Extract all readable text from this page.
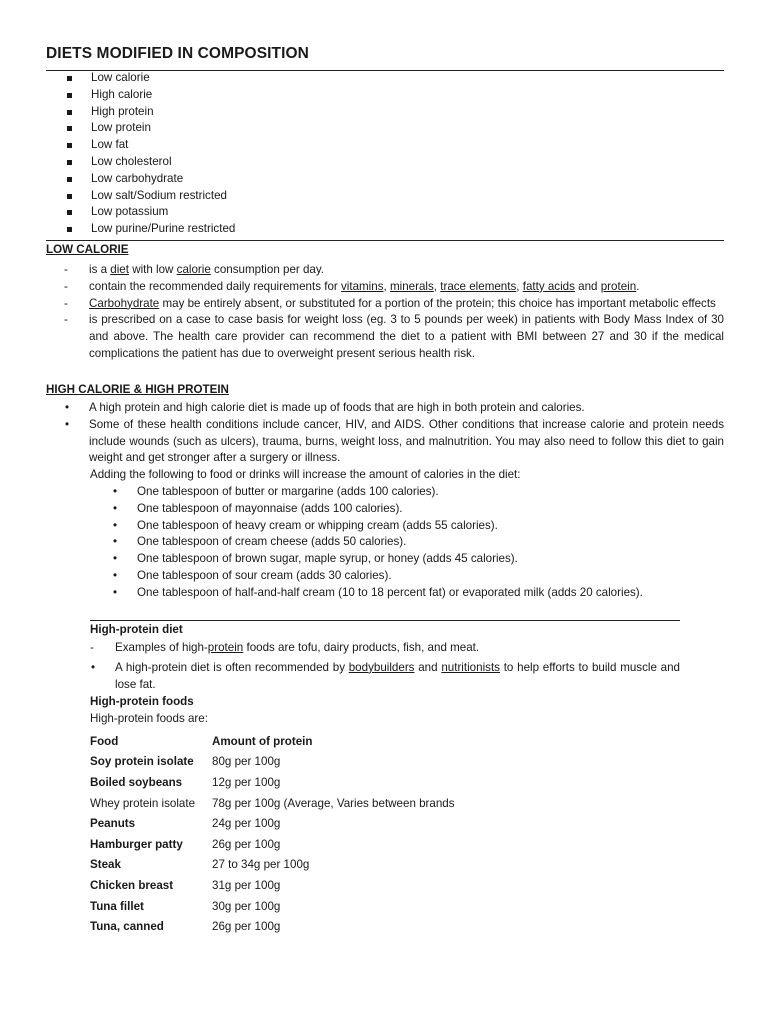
DIETS MODIFIED IN COMPOSITION
Low calorie
High calorie
High protein
Low protein
Low fat
Low cholesterol
Low carbohydrate
Low salt/Sodium restricted
Low potassium
Low purine/Purine restricted
LOW CALORIE
- is a diet with low calorie consumption per day.
- contain the recommended daily requirements for vitamins, minerals, trace elements, fatty acids and protein.
- Carbohydrate may be entirely absent, or substituted for a portion of the protein; this choice has important metabolic effects
- is prescribed on a case to case basis for weight loss (eg. 3 to 5 pounds per week) in patients with Body Mass Index of 30 and above. The health care provider can recommend the diet to a patient with BMI between 27 and 30 if the medical complications the patient has due to overweight present serious health risk.
HIGH CALORIE & HIGH PROTEIN
• A high protein and high calorie diet is made up of foods that are high in both protein and calories.
• Some of these health conditions include cancer, HIV, and AIDS. Other conditions that increase calorie and protein needs include wounds (such as ulcers), trauma, burns, weight loss, and malnutrition. You may also need to follow this diet to gain weight and get stronger after a surgery or illness.
Adding the following to food or drinks will increase the amount of calories in the diet:
• One tablespoon of butter or margarine (adds 100 calories).
• One tablespoon of mayonnaise (adds 100 calories).
• One tablespoon of heavy cream or whipping cream (adds 55 calories).
• One tablespoon of cream cheese (adds 50 calories).
• One tablespoon of brown sugar, maple syrup, or honey (adds 45 calories).
• One tablespoon of sour cream (adds 30 calories).
• One tablespoon of half-and-half cream (10 to 18 percent fat) or evaporated milk (adds 20 calories).
High-protein diet
- Examples of high-protein foods are tofu, dairy products, fish, and meat.
• A high-protein diet is often recommended by bodybuilders and nutritionists to help efforts to build muscle and lose fat.
High-protein foods
High-protein foods are:
Food	Amount of protein
Soy protein isolate	80g per 100g
Boiled soybeans	12g per 100g
Whey protein isolate	78g per 100g (Average, Varies between brands
Peanuts	24g per 100g
Hamburger patty	26g per 100g
Steak	27 to 34g per 100g
Chicken breast	31g per 100g
Tuna fillet	30g per 100g
Tuna, canned	26g per 100g
